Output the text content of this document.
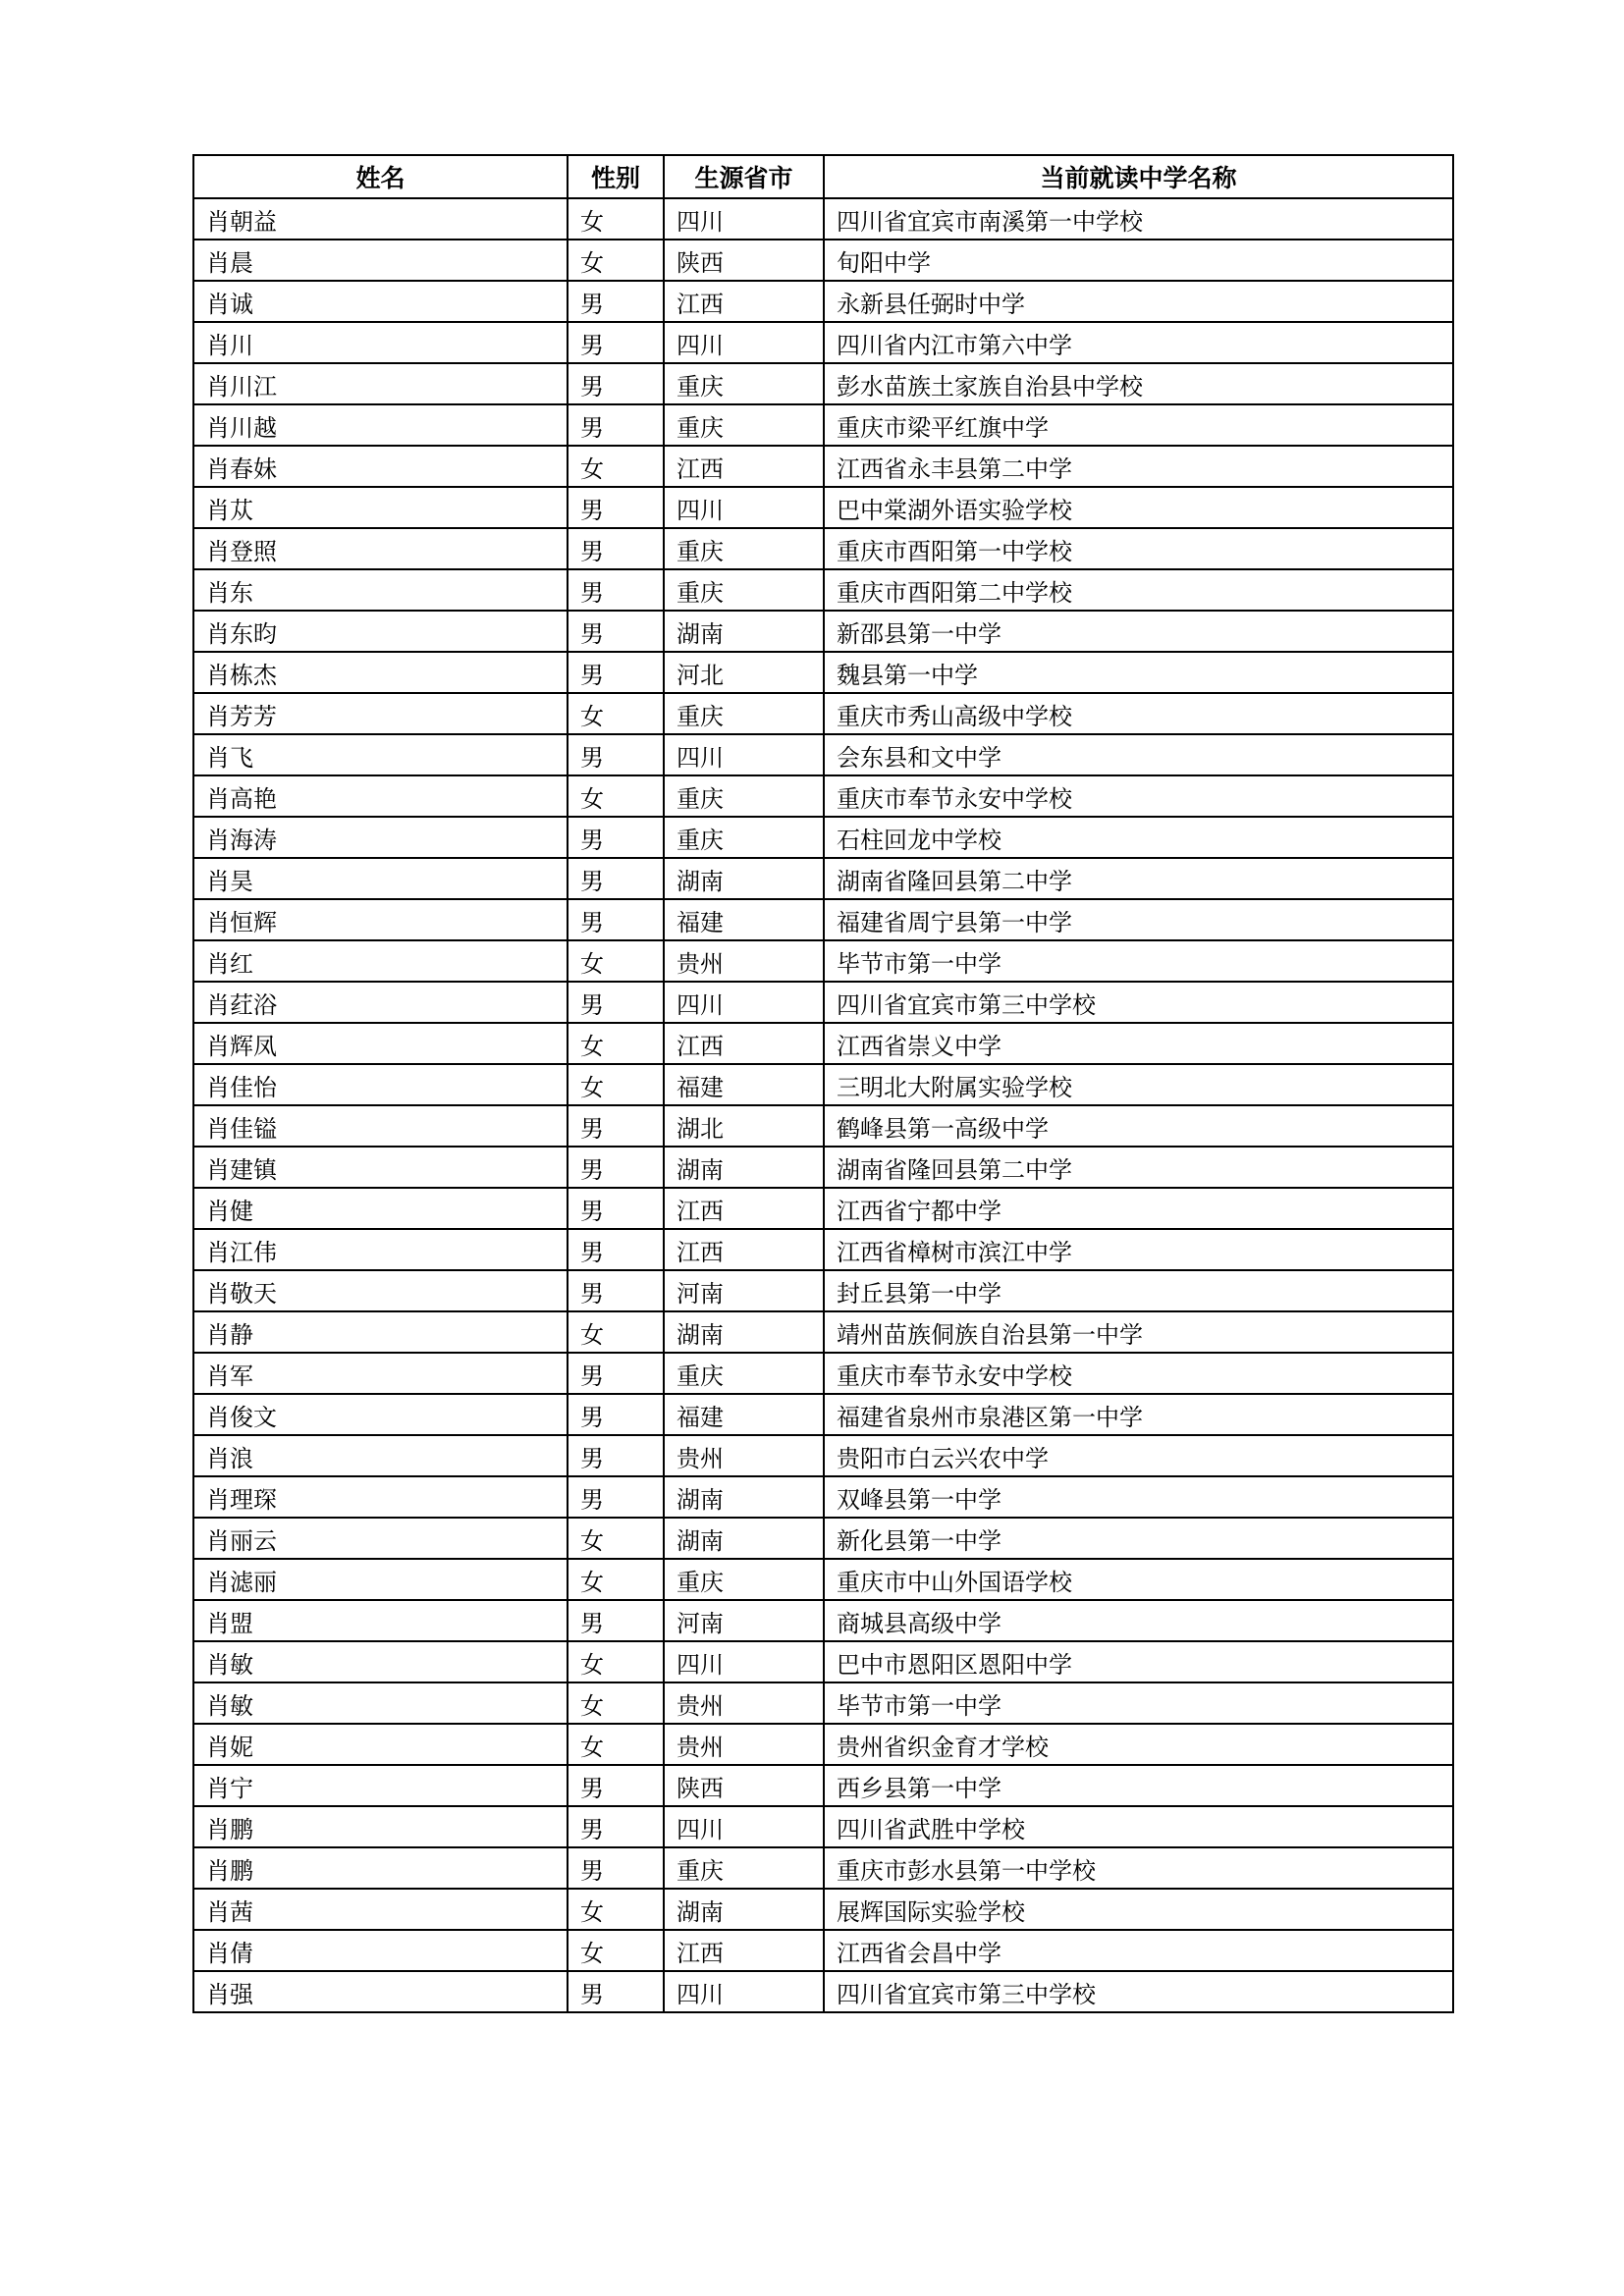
姓名	性别	生源省市	当前就读中学名称
肖朝益	女	四川	四川省宜宾市南溪第一中学校
肖晨	女	陕西	旬阳中学
肖诚	男	江西	永新县任弼时中学
肖川	男	四川	四川省内江市第六中学
肖川江	男	重庆	彭水苗族土家族自治县中学校
肖川越	男	重庆	重庆市梁平红旗中学
肖春妹	女	江西	江西省永丰县第二中学
肖苁	男	四川	巴中棠湖外语实验学校
肖登照	男	重庆	重庆市酉阳第一中学校
肖东	男	重庆	重庆市酉阳第二中学校
肖东昀	男	湖南	新邵县第一中学
肖栋杰	男	河北	魏县第一中学
肖芳芳	女	重庆	重庆市秀山高级中学校
肖飞	男	四川	会东县和文中学
肖高艳	女	重庆	重庆市奉节永安中学校
肖海涛	男	重庆	石柱回龙中学校
肖昊	男	湖南	湖南省隆回县第二中学
肖恒辉	男	福建	福建省周宁县第一中学
肖红	女	贵州	毕节市第一中学
肖荭浴	男	四川	四川省宜宾市第三中学校
肖辉凤	女	江西	江西省崇义中学
肖佳怡	女	福建	三明北大附属实验学校
肖佳镒	男	湖北	鹤峰县第一高级中学
肖建镇	男	湖南	湖南省隆回县第二中学
肖健	男	江西	江西省宁都中学
肖江伟	男	江西	江西省樟树市滨江中学
肖敬天	男	河南	封丘县第一中学
肖静	女	湖南	靖州苗族侗族自治县第一中学
肖军	男	重庆	重庆市奉节永安中学校
肖俊文	男	福建	福建省泉州市泉港区第一中学
肖浪	男	贵州	贵阳市白云兴农中学
肖理琛	男	湖南	双峰县第一中学
肖丽云	女	湖南	新化县第一中学
肖滤丽	女	重庆	重庆市中山外国语学校
肖盟	男	河南	商城县高级中学
肖敏	女	四川	巴中市恩阳区恩阳中学
肖敏	女	贵州	毕节市第一中学
肖妮	女	贵州	贵州省织金育才学校
肖宁	男	陕西	西乡县第一中学
肖鹏	男	四川	四川省武胜中学校
肖鹏	男	重庆	重庆市彭水县第一中学校
肖茜	女	湖南	展辉国际实验学校
肖倩	女	江西	江西省会昌中学
肖强	男	四川	四川省宜宾市第三中学校
